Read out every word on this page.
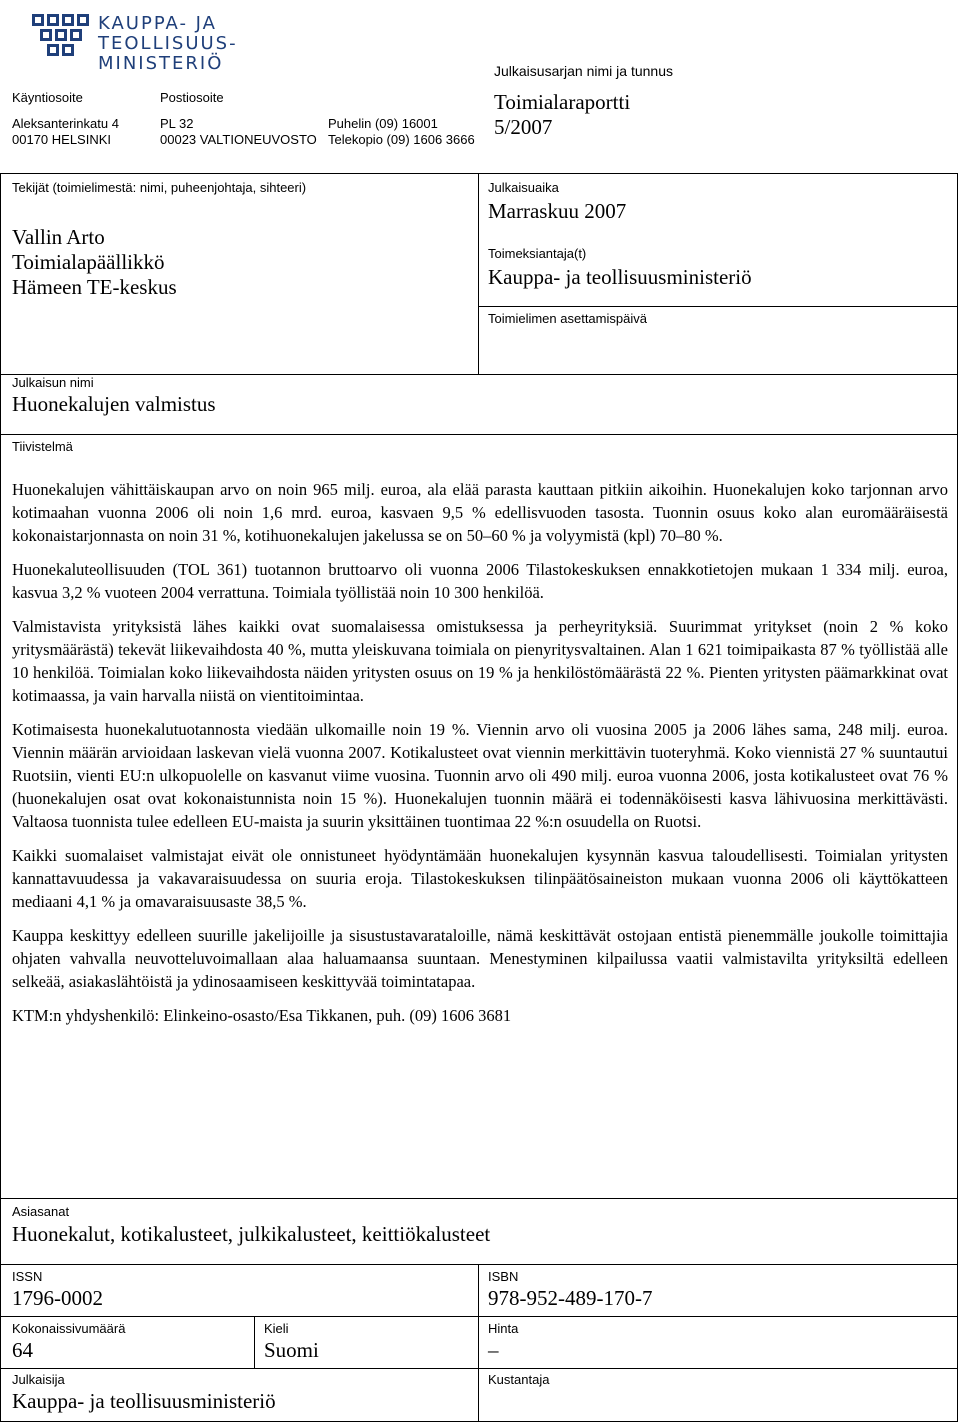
KAUPPA- JA
TEOLLISUUS-
MINISTERIÖ
Käyntiosoite
Aleksanterinkatu 4
00170 HELSINKI
Postiosoite
PL 32
00023 VALTIONEUVOSTO
Puhelin (09) 16001
Telekopio (09) 1606 3666
Julkaisusarjan nimi ja tunnus
Toimialaraportti
5/2007
Tekijät (toimielimestä: nimi, puheenjohtaja, sihteeri)
Vallin Arto
Toimialapäällikkö
Hämeen TE-keskus
Julkaisuaika
Marraskuu 2007
Toimeksiantaja(t)
Kauppa- ja teollisuusministeriö
Toimielimen asettamispäivä
Julkaisun nimi
Huonekalujen valmistus
Tiivistelmä

Huonekalujen vähittäiskaupan arvo on noin 965 milj. euroa, ala elää parasta kauttaan pitkiin aikoihin. Huonekalujen koko tarjonnan arvo kotimaahan vuonna 2006 oli noin 1,6 mrd. euroa, kasvaen 9,5 % edellisvuoden tasosta. Tuonnin osuus koko alan euromääräisestä kokonaistarjonnasta on noin 31 %, kotihuonekalujen jakelussa se on 50–60 % ja volyymistä (kpl) 70–80 %.

Huonekaluteollisuuden (TOL 361) tuotannon bruttoarvo oli vuonna 2006 Tilastokeskuksen ennakkotietojen mukaan 1 334 milj. euroa, kasvua 3,2 % vuoteen 2004 verrattuna. Toimiala työllistää noin 10 300 henkilöä.

Valmistavista yrityksistä lähes kaikki ovat suomalaisessa omistuksessa ja perheyrityksiä. Suurimmat yritykset (noin 2 % koko yritysmäärästä) tekevät liikevaihdosta 40 %, mutta yleiskuvana toimiala on pienyritysvaltainen. Alan 1 621 toimipaikasta 87 % työllistää alle 10 henkilöä. Toimialan koko liikevaihdosta näiden yritysten osuus on 19 % ja henkilöstömäärästä 22 %. Pienten yritysten päämarkkinat ovat kotimaassa, ja vain harvalla niistä on vientitoimintaa.

Kotimaisesta huonekalutuotannosta viedään ulkomaille noin 19 %. Viennin arvo oli vuosina 2005 ja 2006 lähes sama, 248 milj. euroa. Viennin määrän arvioidaan laskevan vielä vuonna 2007. Kotikalusteet ovat viennin merkittävin tuoteryhmä. Koko viennistä 27 % suuntautui Ruotsiin, vienti EU:n ulkopuolelle on kasvanut viime vuosina. Tuonnin arvo oli 490 milj. euroa vuonna 2006, josta kotikalusteet ovat 76 % (huonekalujen osat ovat kokonaistunnista noin 15 %). Huonekalujen tuonnin määrä ei todennäköisesti kasva lähivuosina merkittävästi. Valtaosa tuonnista tulee edelleen EU-maista ja suurin yksittäinen tuontimaa 22 %:n osuudella on Ruotsi.

Kaikki suomalaiset valmistajat eivät ole onnistuneet hyödyntämään huonekalujen kysynnän kasvua taloudellisesti. Toimialan yritysten kannattavuudessa ja vakavaraisuudessa on suuria eroja. Tilastokeskuksen tilinpäätösaineiston mukaan vuonna 2006 oli käyttökatteen mediaani 4,1 % ja omavaraisuusaste 38,5 %.

Kauppa keskittyy edelleen suurille jakelijoille ja sisustustavarataloille, nämä keskittävät ostojaan entistä pienemmälle joukolle toimittajia ohjaten vahvalla neuvotteluvoimallaan alaa haluamaansa suuntaan. Menestyminen kilpailussa vaatii valmistavilta yrityksiltä edelleen selkeää, asiakaslähtöistä ja ydinosaamiseen keskittyvää toimintatapaa.

KTM:n yhdyshenkilö: Elinkeino-osasto/Esa Tikkanen, puh. (09) 1606 3681

Asiasanat
Huonekalut, kotikalusteet, julkikalusteet, keittiökalusteet
ISSN
1796-0002
ISBN
978-952-489-170-7
Kokonaissivumäärä
64
Kieli
Suomi
Hinta
–
Julkaisija
Kauppa- ja teollisuusministeriö
Kustantaja
